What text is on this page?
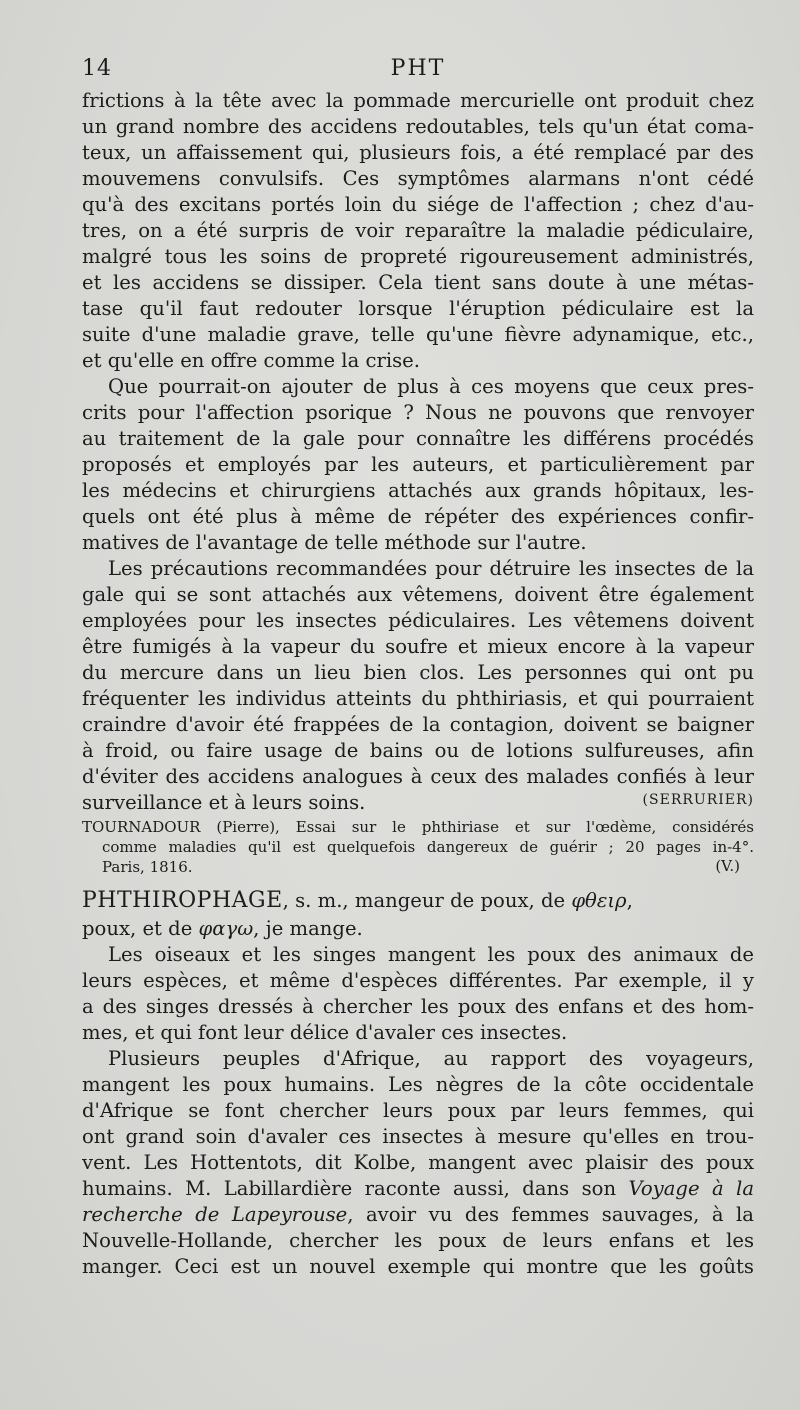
14	PHT
frictions à la tête avec la pommade mercurielle ont produit chez
un grand nombre des accidens redoutables, tels qu'un état coma-
teux, un affaissement qui, plusieurs fois, a été remplacé par des
mouvemens convulsifs. Ces symptômes alarmans n'ont cédé
qu'à des excitans portés loin du siége de l'affection ; chez d'au-
tres, on a été surpris de voir reparaître la maladie pédiculaire,
malgré tous les soins de propreté rigoureusement administrés,
et les accidens se dissiper. Cela tient sans doute à une métas-
tase qu'il faut redouter lorsque l'éruption pédiculaire est la
suite d'une maladie grave, telle qu'une fièvre adynamique, etc.,
et qu'elle en offre comme la crise.
Que pourrait-on ajouter de plus à ces moyens que ceux pres-
crits pour l'affection psorique ? Nous ne pouvons que renvoyer
au traitement de la gale pour connaître les différens procédés
proposés et employés par les auteurs, et particulièrement par
les médecins et chirurgiens attachés aux grands hôpitaux, les-
quels ont été plus à même de répéter des expériences confir-
matives de l'avantage de telle méthode sur l'autre.
Les précautions recommandées pour détruire les insectes de la
gale qui se sont attachés aux vêtemens, doivent être également
employées pour les insectes pédiculaires. Les vêtemens doivent
être fumigés à la vapeur du soufre et mieux encore à la vapeur
du mercure dans un lieu bien clos. Les personnes qui ont pu
fréquenter les individus atteints du phthiriasis, et qui pourraient
craindre d'avoir été frappées de la contagion, doivent se baigner
à froid, ou faire usage de bains ou de lotions sulfureuses, afin
d'éviter des accidens analogues à ceux des malades confiés à leur
surveillance et à leurs soins.	(SERRURIER)
TOURNADOUR (Pierre), Essai sur le phthiriase et sur l'œdème, considérés
comme maladies qu'il est quelquefois dangereux de guérir ; 20 pages in-4°.
Paris, 1816.	(V.)
PHTHIROPHAGE, s. m., mangeur de poux, de φθειρ,
poux, et de φαγω, je mange.
Les oiseaux et les singes mangent les poux des animaux de
leurs espèces, et même d'espèces différentes. Par exemple, il y
a des singes dressés à chercher les poux des enfans et des hom-
mes, et qui font leur délice d'avaler ces insectes.
Plusieurs peuples d'Afrique, au rapport des voyageurs,
mangent les poux humains. Les nègres de la côte occidentale
d'Afrique se font chercher leurs poux par leurs femmes, qui
ont grand soin d'avaler ces insectes à mesure qu'elles en trou-
vent. Les Hottentots, dit Kolbe, mangent avec plaisir des poux
humains. M. Labillardière raconte aussi, dans son Voyage à la
recherche de Lapeyrouse, avoir vu des femmes sauvages, à la
Nouvelle-Hollande, chercher les poux de leurs enfans et les
manger. Ceci est un nouvel exemple qui montre que les goûts
